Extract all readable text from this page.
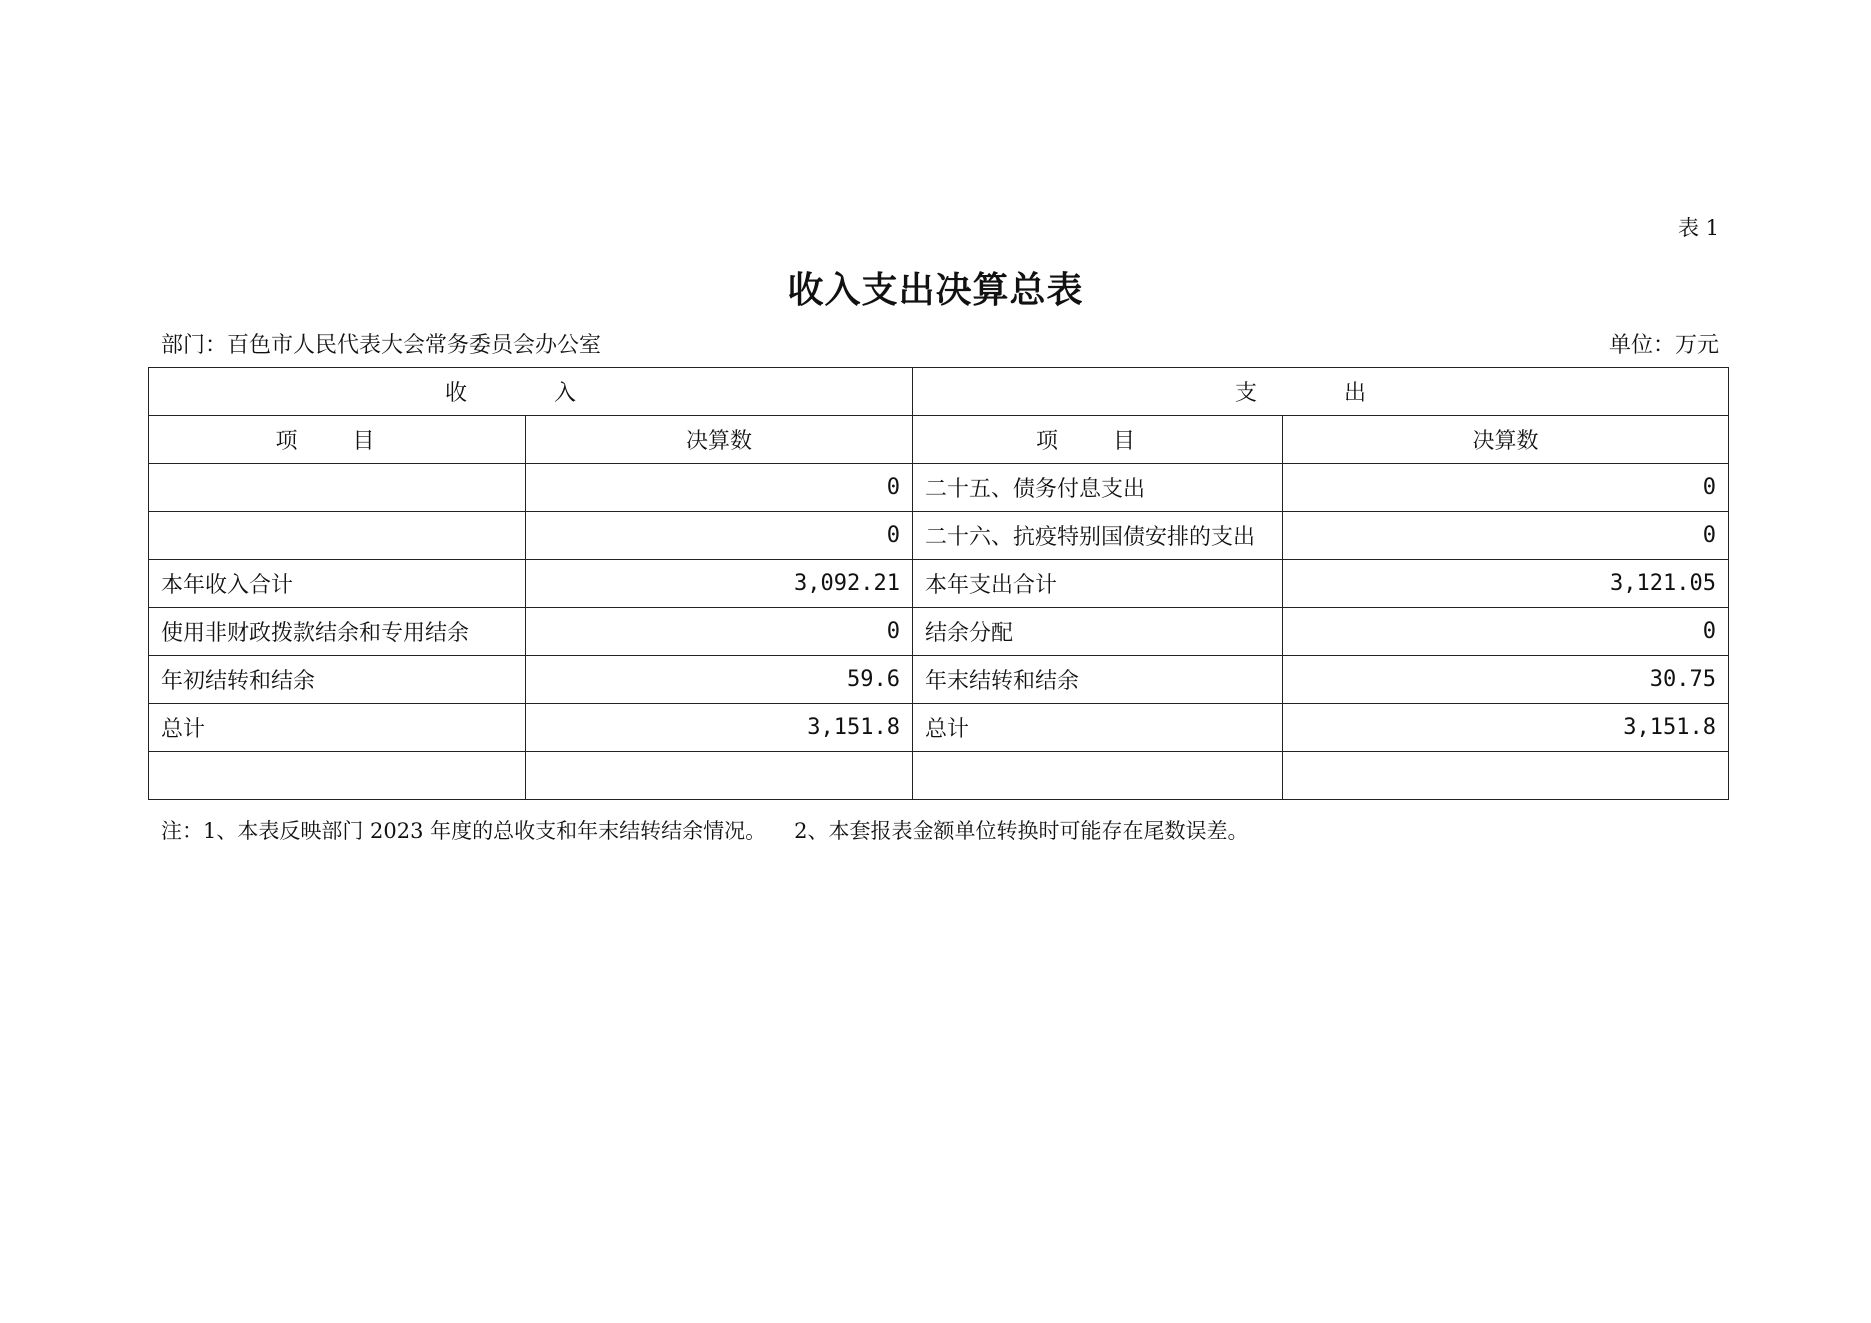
表 1
收入支出决算总表
部门：百色市人民代表大会常务委员会办公室	单位：万元
收 入		支 出	
项 目	决算数	项 目	决算数
	0	二十五、债务付息支出	0
	0	二十六、抗疫特别国债安排的支出	0
本年收入合计	3,092.21	本年支出合计	3,121.05
使用非财政拨款结余和专用结余	0	结余分配	0
年初结转和结余	59.6	年末结转和结余	30.75
总计	3,151.8	总计	3,151.8

注：1、本表反映部门 2023 年度的总收支和年末结转结余情况。 2、本套报表金额单位转换时可能存在尾数误差。
